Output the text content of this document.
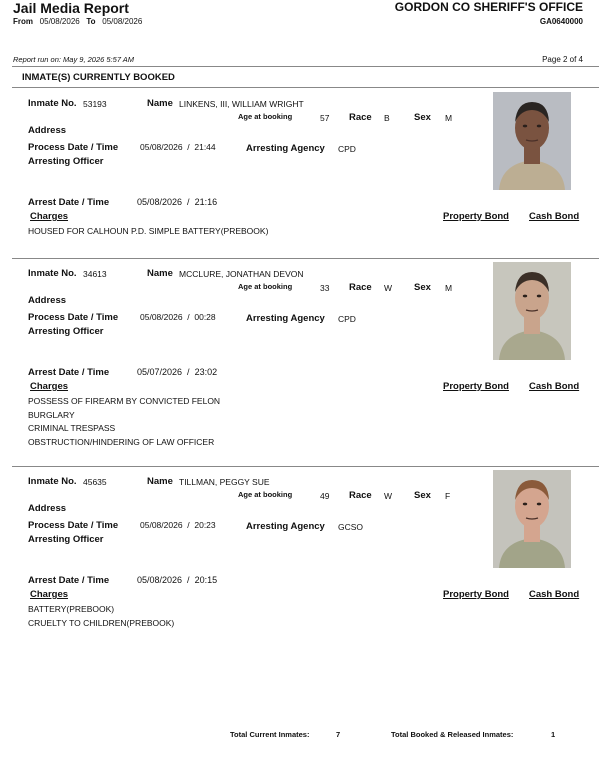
Jail Media Report
From 05/08/2026 To 05/08/2026
GORDON CO SHERIFF'S OFFICE
GA0640000
Report run on: May 9, 2026 5:57 AM	Page 2 of 4
INMATE(S) CURRENTLY BOOKED
Inmate No. 53193	Name LINKENS, III, WILLIAM WRIGHT
Age at booking	57 Race B	Sex M
Address
Process Date / Time	05/08/2026  /  21:44	Arresting Agency CPD
Arresting Officer
Arrest Date / Time	05/08/2026  /  21:16
Charges	Property Bond Cash Bond
HOUSED FOR CALHOUN P.D. SIMPLE BATTERY(PREBOOK)
Inmate No. 34613	Name MCCLURE, JONATHAN DEVON
Age at booking	33 Race W Sex M
Address
Process Date / Time	05/08/2026  /  00:28	Arresting Agency CPD
Arresting Officer
Arrest Date / Time	05/07/2026  /  23:02
Charges	Property Bond Cash Bond
POSSESS OF FIREARM BY CONVICTED FELON
BURGLARY
CRIMINAL TRESPASS
OBSTRUCTION/HINDERING OF LAW OFFICER
Inmate No. 45635	Name TILLMAN, PEGGY SUE
Age at booking	49 Race W Sex F
Address
Process Date / Time	05/08/2026  /  20:23	Arresting Agency GCSO
Arresting Officer
Arrest Date / Time	05/08/2026  /  20:15
Charges	Property Bond Cash Bond
BATTERY(PREBOOK)
CRUELTY TO CHILDREN(PREBOOK)
Total Current Inmates:	7	Total Booked & Released Inmates:	1
